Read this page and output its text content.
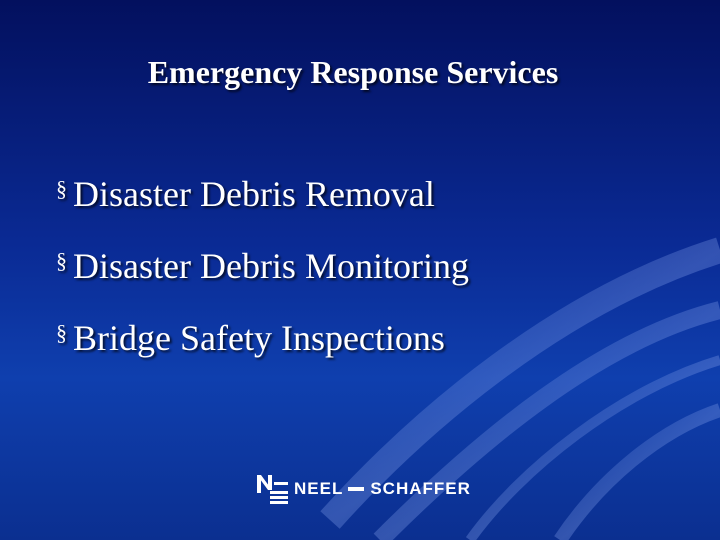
Emergency Response Services
§ Disaster Debris Removal
§ Disaster Debris Monitoring
§ Bridge Safety Inspections
NEEL SCHAFFER
